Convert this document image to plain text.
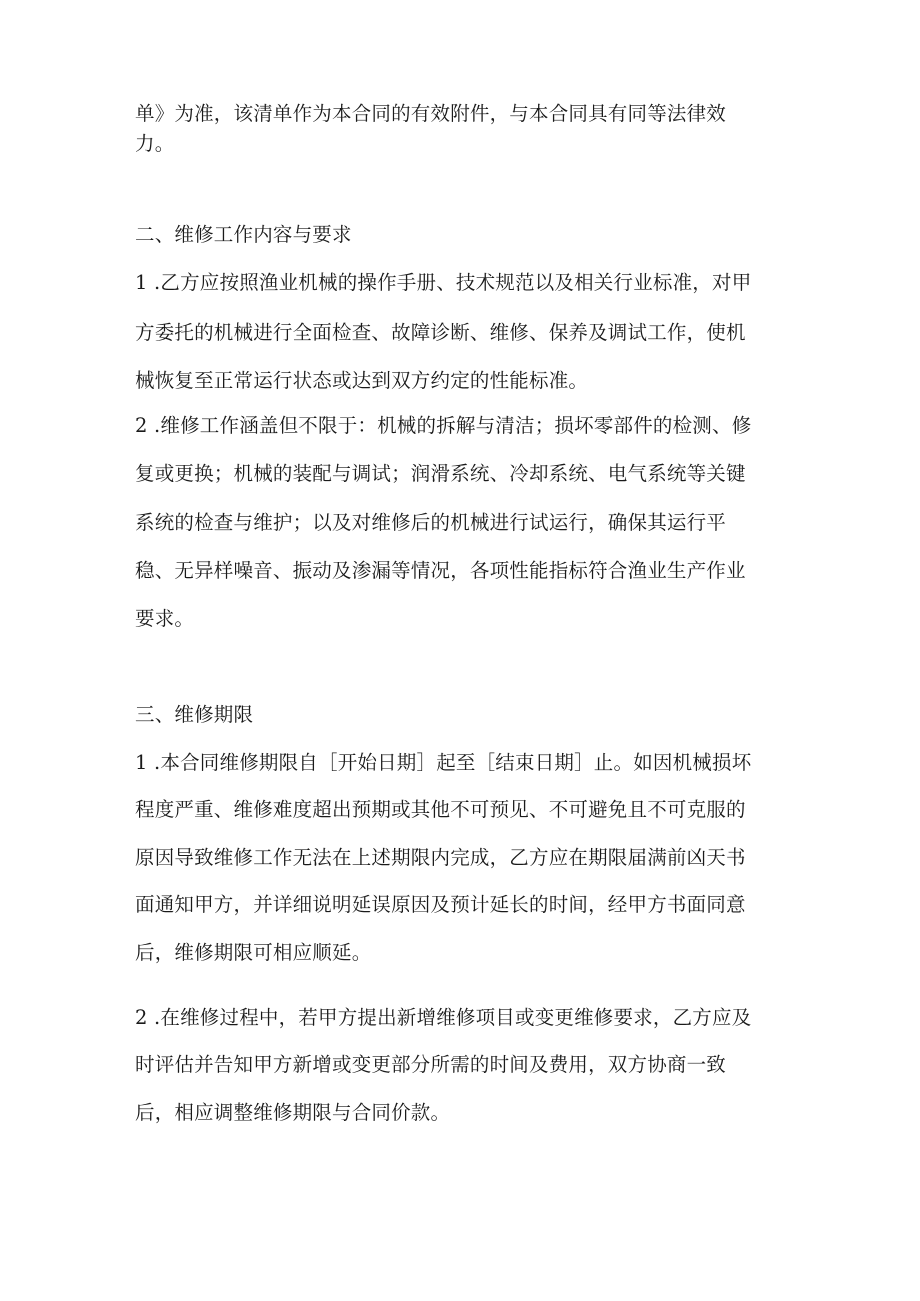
单》为准，该清单作为本合同的有效附件，与本合同具有同等法律效
力。
二、维修工作内容与要求
1 .乙方应按照渔业机械的操作手册、技术规范以及相关行业标准，对甲
方委托的机械进行全面检查、故障诊断、维修、保养及调试工作，使机
械恢复至正常运行状态或达到双方约定的性能标准。
2 .维修工作涵盖但不限于：机械的拆解与清洁；损坏零部件的检测、修
复或更换；机械的装配与调试；润滑系统、冷却系统、电气系统等关键
系统的检查与维护；以及对维修后的机械进行试运行，确保其运行平
稳、无异样噪音、振动及渗漏等情况，各项性能指标符合渔业生产作业
要求。
三、维修期限
1 .本合同维修期限自［开始日期］起至［结束日期］止。如因机械损坏
程度严重、维修难度超出预期或其他不可预见、不可避免且不可克服的
原因导致维修工作无法在上述期限内完成，乙方应在期限届满前凶天书
面通知甲方，并详细说明延误原因及预计延长的时间，经甲方书面同意
后，维修期限可相应顺延。
2 .在维修过程中，若甲方提出新增维修项目或变更维修要求，乙方应及
时评估并告知甲方新增或变更部分所需的时间及费用，双方协商一致
后，相应调整维修期限与合同价款。
